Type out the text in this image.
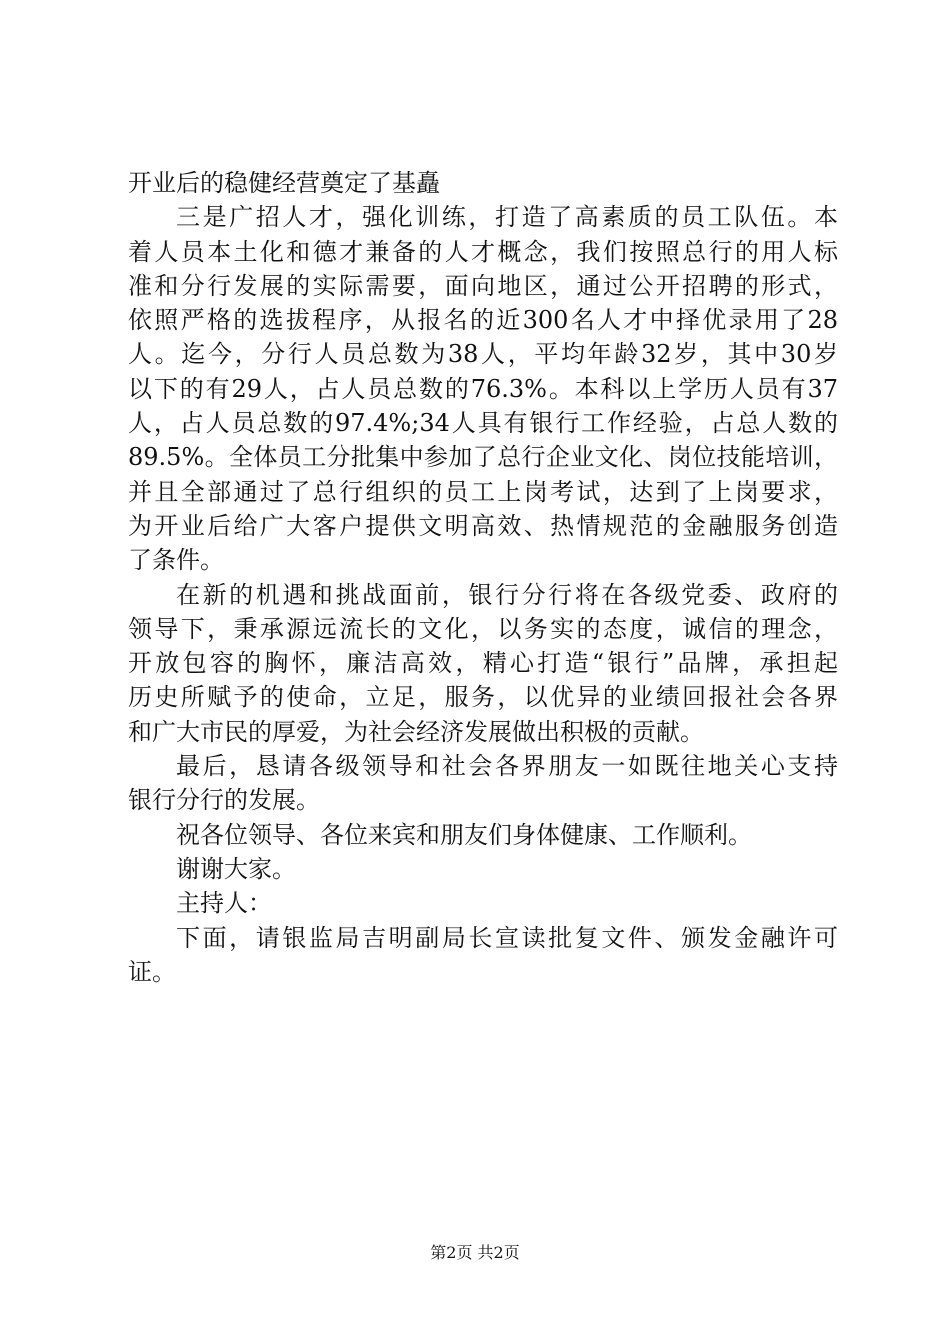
开业后的稳健经营奠定了基矗
三是广招人才，强化训练，打造了高素质的员工队伍。本
着人员本土化和德才兼备的人才概念，我们按照总行的用人标
准和分行发展的实际需要，面向地区，通过公开招聘的形式，
依照严格的选拔程序，从报名的近300名人才中择优录用了28
人。迄今，分行人员总数为38人，平均年龄32岁，其中30岁
以下的有29人，占人员总数的76.3%。本科以上学历人员有37
人，占人员总数的97.4%;34人具有银行工作经验，占总人数的
89.5%。全体员工分批集中参加了总行企业文化、岗位技能培训，
并且全部通过了总行组织的员工上岗考试，达到了上岗要求，
为开业后给广大客户提供文明高效、热情规范的金融服务创造
了条件。
在新的机遇和挑战面前，银行分行将在各级党委、政府的
领导下，秉承源远流长的文化，以务实的态度，诚信的理念，
开放包容的胸怀，廉洁高效，精心打造“银行”品牌，承担起
历史所赋予的使命，立足，服务，以优异的业绩回报社会各界
和广大市民的厚爱，为社会经济发展做出积极的贡献。
最后，恳请各级领导和社会各界朋友一如既往地关心支持
银行分行的发展。
祝各位领导、各位来宾和朋友们身体健康、工作顺利。
谢谢大家。
主持人：
下面，请银监局吉明副局长宣读批复文件、颁发金融许可
证。
第2页 共2页
